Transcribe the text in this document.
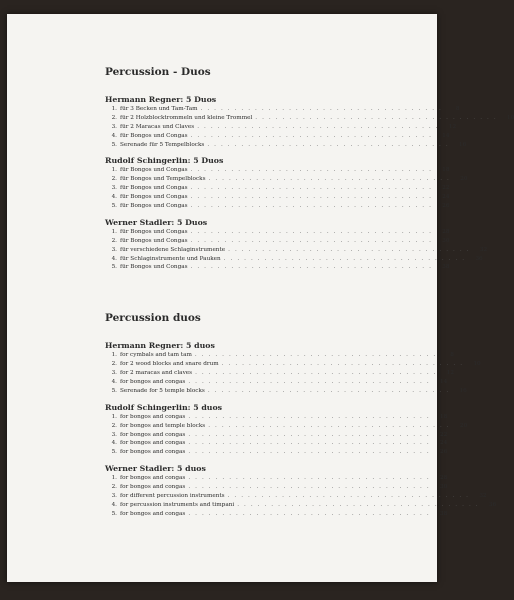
Percussion - Duos
Hermann Regner: 5 Duos
1. für 3 Becken und Tam-Tam . . . . . . . . . . . . . . . . . . . . . . . . . . . . . . . . . . . .	8
2. für 2 Holzblocktrommeln und kleine Trommel . . . . . . . . . . . . . . . . . . . . . . . . . . . . . . . . . . . .	10
3. für 2 Maracas und Claves . . . . . . . . . . . . . . . . . . . . . . . . . . . . . . . . . . . .	12
4. für Bongos und Congas . . . . . . . . . . . . . . . . . . . . . . . . . . . . . . . . . . . .	14
5. Serenade für 5 Tempelblocks . . . . . . . . . . . . . . . . . . . . . . . . . . . . . . . . . . . .	16
Rudolf Schingerlin: 5 Duos
1. für Bongos und Congas . . . . . . . . . . . . . . . . . . . . . . . . . . . . . . . . . . . .	18
2. für Bongos und Tempelblocks . . . . . . . . . . . . . . . . . . . . . . . . . . . . . . . . . . . .	20
3. für Bongos und Congas . . . . . . . . . . . . . . . . . . . . . . . . . . . . . . . . . . . .	22
4. für Bongos und Congas . . . . . . . . . . . . . . . . . . . . . . . . . . . . . . . . . . . .	24
5. für Bongos und Congas . . . . . . . . . . . . . . . . . . . . . . . . . . . . . . . . . . . .	26
Werner Stadler: 5 Duos
1. für Bongos und Congas . . . . . . . . . . . . . . . . . . . . . . . . . . . . . . . . . . . .	28
2. für Bongos und Congas . . . . . . . . . . . . . . . . . . . . . . . . . . . . . . . . . . . .	30
3. für verschiedene Schlaginstrumente . . . . . . . . . . . . . . . . . . . . . . . . . . . . . . . . . . . .	32
4. für Schlaginstrumente und Pauken . . . . . . . . . . . . . . . . . . . . . . . . . . . . . . . . . . . .	36
5. für Bongos und Congas . . . . . . . . . . . . . . . . . . . . . . . . . . . . . . . . . . . .	38
Percussion duos
Hermann Regner: 5 duos
1. for cymbals and tam tam . . . . . . . . . . . . . . . . . . . . . . . . . . . . . . . . . . . .	8
2. for 2 wood blocks and snare drum . . . . . . . . . . . . . . . . . . . . . . . . . . . . . . . . . . . .	10
3. for 2 maracas and claves . . . . . . . . . . . . . . . . . . . . . . . . . . . . . . . . . . . .	12
4. for bongos and congas . . . . . . . . . . . . . . . . . . . . . . . . . . . . . . . . . . . .	14
5. Serenade for 5 temple blocks . . . . . . . . . . . . . . . . . . . . . . . . . . . . . . . . . . . .	16
Rudolf Schingerlin: 5 duos
1. for bongos and congas . . . . . . . . . . . . . . . . . . . . . . . . . . . . . . . . . . . .	18
2. for bongos and temple blocks . . . . . . . . . . . . . . . . . . . . . . . . . . . . . . . . . . . .	20
3. for bongos and congas . . . . . . . . . . . . . . . . . . . . . . . . . . . . . . . . . . . .	22
4. for bongos and congas . . . . . . . . . . . . . . . . . . . . . . . . . . . . . . . . . . . .	24
5. for bongos and congas . . . . . . . . . . . . . . . . . . . . . . . . . . . . . . . . . . . .	26
Werner Stadler: 5 duos
1. for bongos and congas . . . . . . . . . . . . . . . . . . . . . . . . . . . . . . . . . . . .	28
2. for bongos and congas . . . . . . . . . . . . . . . . . . . . . . . . . . . . . . . . . . . .	30
3. for different percussion instruments . . . . . . . . . . . . . . . . . . . . . . . . . . . . . . . . . . . .	32
4. for percussion instruments and timpani . . . . . . . . . . . . . . . . . . . . . . . . . . . . . . . . . . . .	36
5. for bongos and congas . . . . . . . . . . . . . . . . . . . . . . . . . . . . . . . . . . . .	38
